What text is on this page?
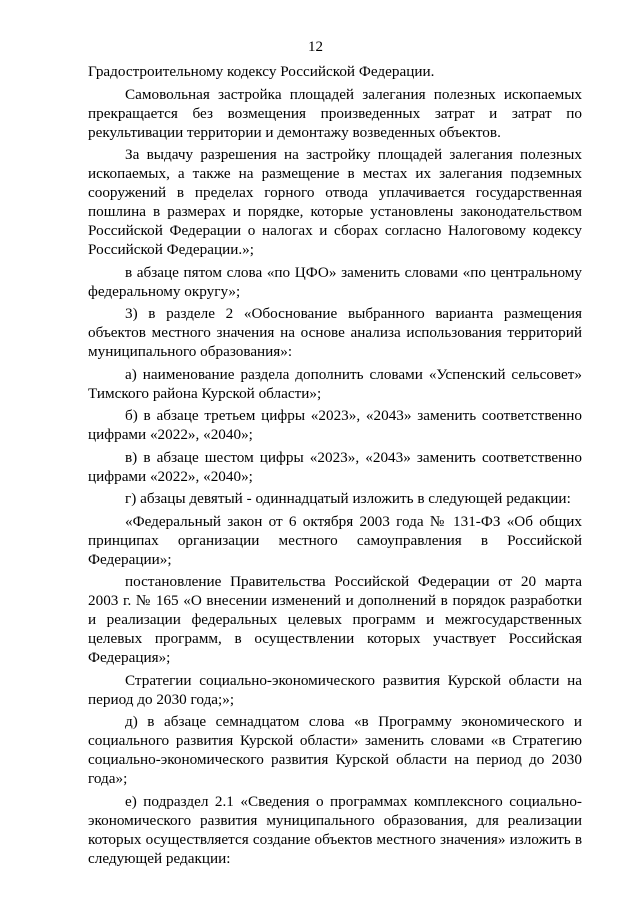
12

Градостроительному кодексу Российской Федерации.

Самовольная застройка площадей залегания полезных ископаемых прекращается без возмещения произведенных затрат и затрат по рекультивации территории и демонтажу возведенных объектов.

За выдачу разрешения на застройку площадей залегания полезных ископаемых, а также на размещение в местах их залегания подземных сооружений в пределах горного отвода уплачивается государственная пошлина в размерах и порядке, которые установлены законодательством Российской Федерации о налогах и сборах согласно Налоговому кодексу Российской Федерации.»;

в абзаце пятом слова «по ЦФО» заменить словами «по центральному федеральному округу»;

3) в разделе 2 «Обоснование выбранного варианта размещения объектов местного значения на основе анализа использования территорий муниципального образования»:

а) наименование раздела дополнить словами «Успенский сельсовет» Тимского района Курской области»;

б) в абзаце третьем цифры «2023», «2043» заменить соответственно цифрами «2022», «2040»;

в) в абзаце шестом цифры «2023», «2043» заменить соответственно цифрами «2022», «2040»;

г) абзацы девятый - одиннадцатый изложить в следующей редакции:

«Федеральный закон от 6 октября 2003 года № 131-ФЗ «Об общих принципах организации местного самоуправления в Российской Федерации»;

постановление Правительства Российской Федерации от 20 марта 2003 г. № 165 «О внесении изменений и дополнений в порядок разработки и реализации федеральных целевых программ и межгосударственных целевых программ, в осуществлении которых участвует Российская Федерация»;

Стратегии социально-экономического развития Курской области на период до 2030 года;»;

д) в абзаце семнадцатом слова «в Программу экономического и социального развития Курской области» заменить словами «в Стратегию социально-экономического развития Курской области на период до 2030 года»;

е) подраздел 2.1 «Сведения о программах комплексного социально-экономического развития муниципального образования, для реализации которых осуществляется создание объектов местного значения» изложить в следующей редакции:
